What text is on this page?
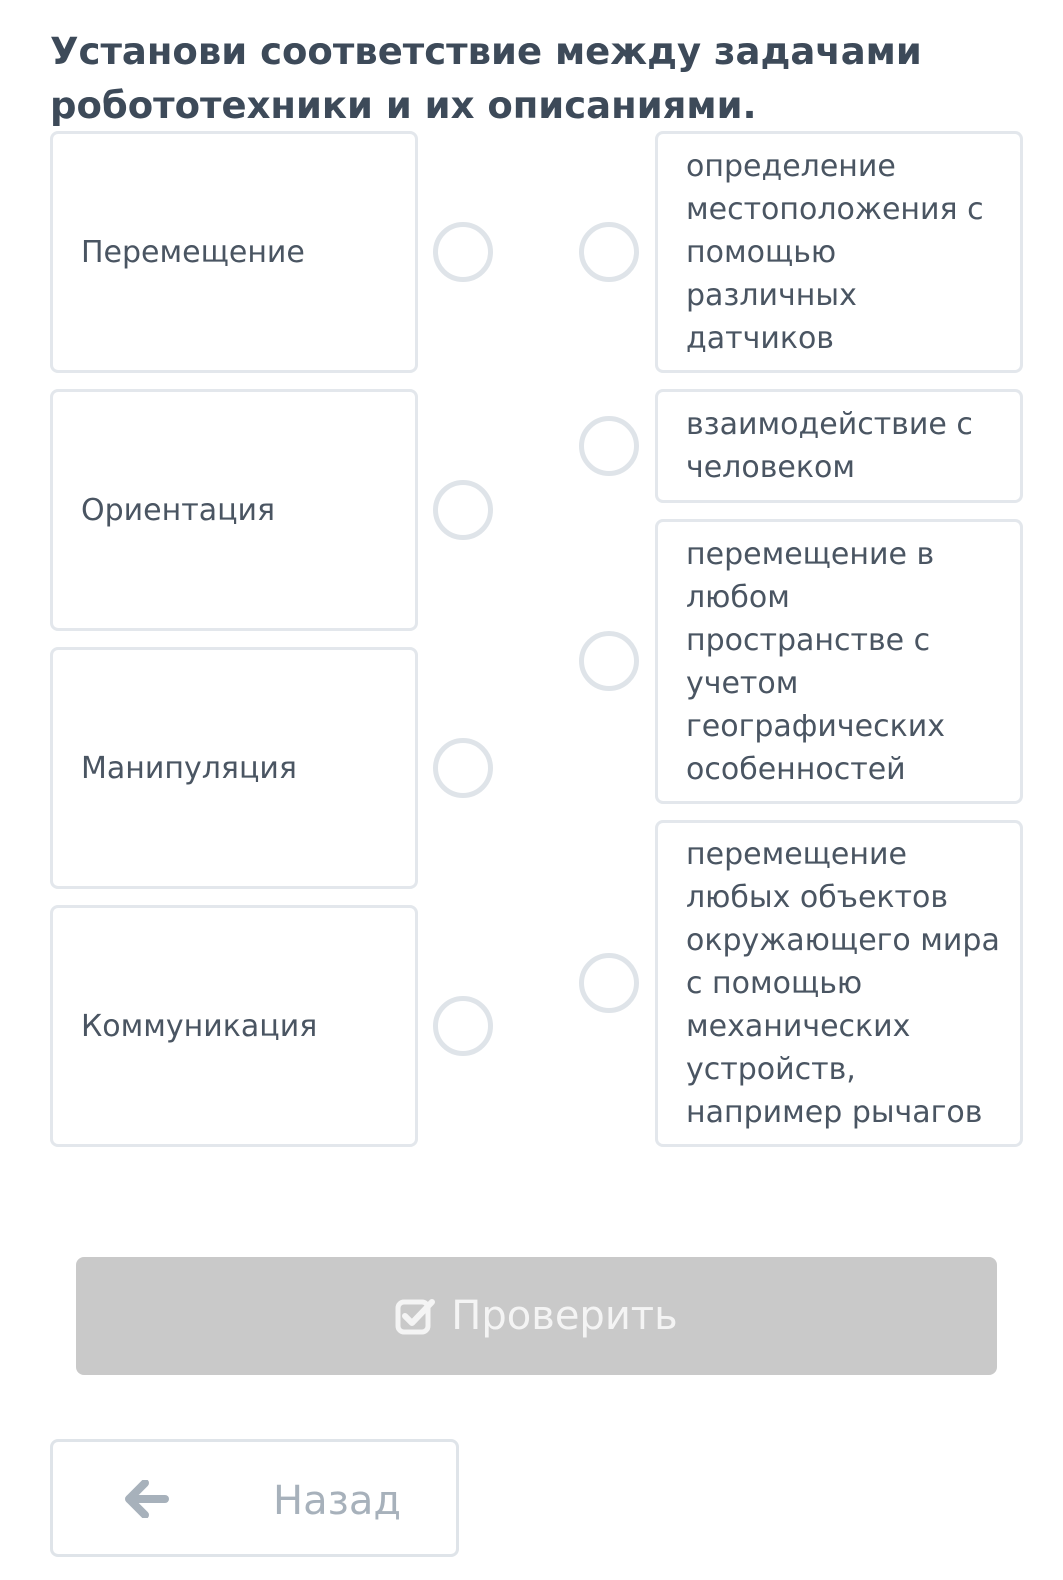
Установи соответствие между задачами робототехники и их описаниями.
Перемещение
Ориентация
Манипуляция
Коммуникация
определение местоположения с помощью различных датчиков
взаимодействие с человеком
перемещение в любом пространстве с учетом географических особенностей
перемещение любых объектов окружающего мира с помощью механических устройств, например рычагов
Проверить
Назад
